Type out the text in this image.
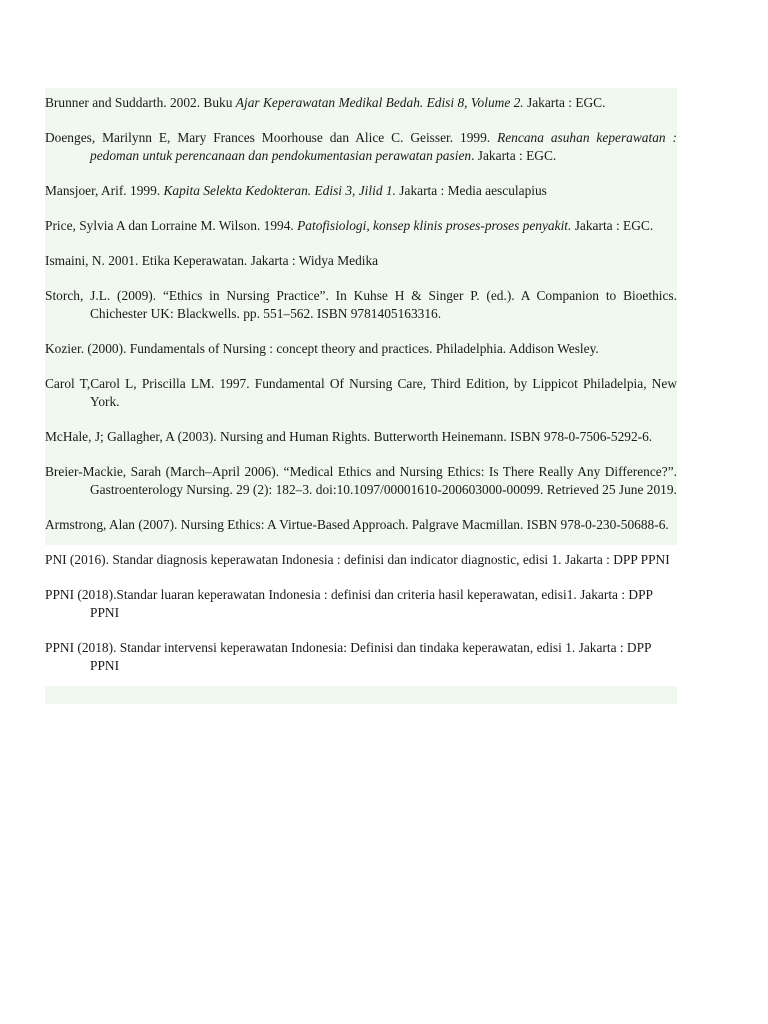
Brunner and Suddarth. 2002. Buku Ajar Keperawatan Medikal Bedah. Edisi 8, Volume 2. Jakarta : EGC.

Doenges, Marilynn E, Mary Frances Moorhouse dan Alice C. Geisser. 1999. Rencana asuhan keperawatan : pedoman untuk perencanaan dan pendokumentasian perawatan pasien. Jakarta : EGC.

Mansjoer, Arif. 1999. Kapita Selekta Kedokteran. Edisi 3, Jilid 1. Jakarta : Media aesculapius

Price, Sylvia A dan Lorraine M. Wilson. 1994. Patofisiologi, konsep klinis proses-proses penyakit. Jakarta : EGC.

Ismaini, N. 2001. Etika Keperawatan. Jakarta : Widya Medika

Storch, J.L. (2009). “Ethics in Nursing Practice”. In Kuhse H & Singer P. (ed.). A Companion to Bioethics. Chichester UK: Blackwells. pp. 551–562. ISBN 9781405163316.

Kozier. (2000). Fundamentals of Nursing : concept theory and practices. Philadelphia. Addison Wesley.

Carol T,Carol L, Priscilla LM. 1997. Fundamental Of Nursing Care, Third Edition, by Lippicot Philadelpia, New York.

McHale, J; Gallagher, A (2003). Nursing and Human Rights. Butterworth Heinemann. ISBN 978-0-7506-5292-6.

Breier-Mackie, Sarah (March–April 2006). “Medical Ethics and Nursing Ethics: Is There Really Any Difference?”. Gastroenterology Nursing. 29 (2): 182–3. doi:10.1097/00001610-200603000-00099. Retrieved 25 June 2019.

Armstrong, Alan (2007). Nursing Ethics: A Virtue-Based Approach. Palgrave Macmillan. ISBN 978-0-230-50688-6.

PNI (2016). Standar diagnosis keperawatan Indonesia : definisi dan indicator diagnostic, edisi 1. Jakarta : DPP PPNI

PPNI (2018).Standar luaran keperawatan Indonesia : definisi dan criteria hasil keperawatan, edisi1. Jakarta : DPP PPNI

PPNI (2018). Standar intervensi keperawatan Indonesia: Definisi dan tindaka keperawatan, edisi 1. Jakarta : DPP PPNI
